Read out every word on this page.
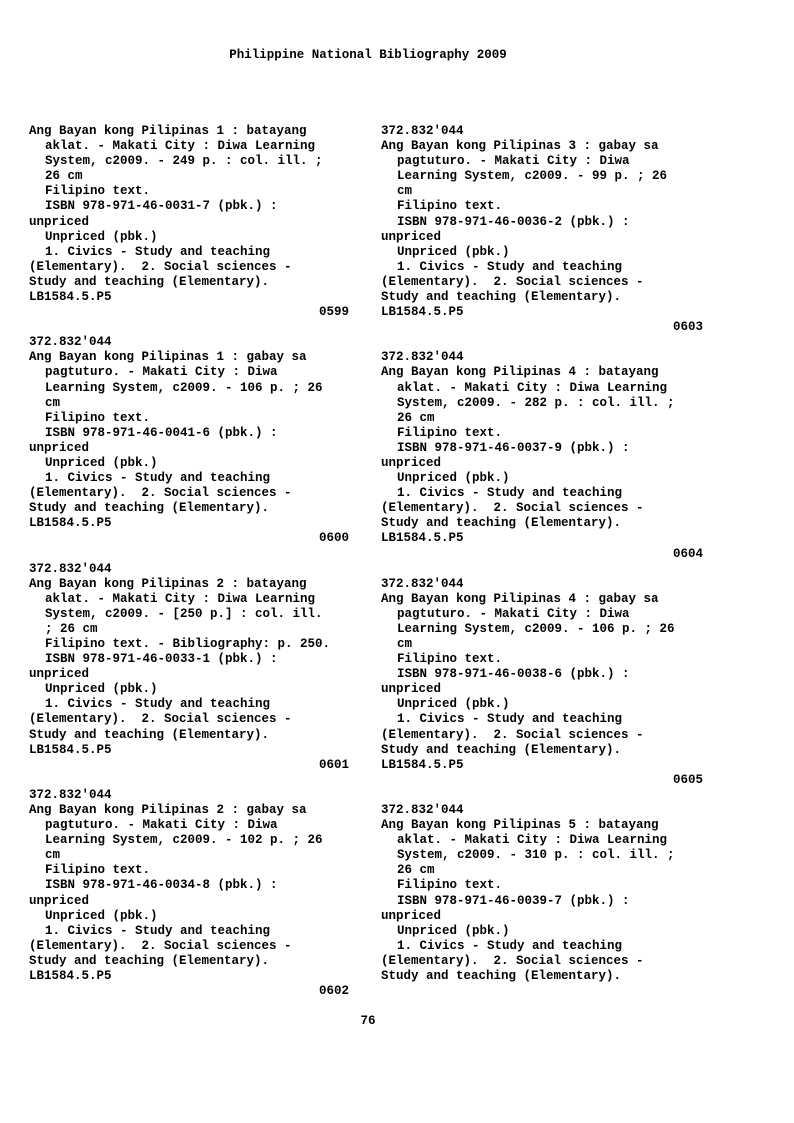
Philippine National Bibliography 2009
Ang Bayan kong Pilipinas 1 : batayang
aklat. - Makati City : Diwa Learning
System, c2009. - 249 p. : col. ill. ;
26 cm
Filipino text.
ISBN 978-971-46-0031-7 (pbk.) :
unpriced
Unpriced (pbk.)
1. Civics - Study and teaching
(Elementary).  2. Social sciences -
Study and teaching (Elementary).
LB1584.5.P5
0599
372.832'044
Ang Bayan kong Pilipinas 1 : gabay sa
pagtuturo. - Makati City : Diwa
Learning System, c2009. - 106 p. ; 26
cm
Filipino text.
ISBN 978-971-46-0041-6 (pbk.) :
unpriced
Unpriced (pbk.)
1. Civics - Study and teaching
(Elementary).  2. Social sciences -
Study and teaching (Elementary).
LB1584.5.P5
0600
372.832'044
Ang Bayan kong Pilipinas 2 : batayang
aklat. - Makati City : Diwa Learning
System, c2009. - [250 p.] : col. ill.
; 26 cm
Filipino text. - Bibliography: p. 250.
ISBN 978-971-46-0033-1 (pbk.) :
unpriced
Unpriced (pbk.)
1. Civics - Study and teaching
(Elementary).  2. Social sciences -
Study and teaching (Elementary).
LB1584.5.P5
0601
372.832'044
Ang Bayan kong Pilipinas 2 : gabay sa
pagtuturo. - Makati City : Diwa
Learning System, c2009. - 102 p. ; 26
cm
Filipino text.
ISBN 978-971-46-0034-8 (pbk.) :
unpriced
Unpriced (pbk.)
1. Civics - Study and teaching
(Elementary).  2. Social sciences -
Study and teaching (Elementary).
LB1584.5.P5
0602
372.832'044
Ang Bayan kong Pilipinas 3 : gabay sa
pagtuturo. - Makati City : Diwa
Learning System, c2009. - 99 p. ; 26
cm
Filipino text.
ISBN 978-971-46-0036-2 (pbk.) :
unpriced
Unpriced (pbk.)
1. Civics - Study and teaching
(Elementary).  2. Social sciences -
Study and teaching (Elementary).
LB1584.5.P5
0603
372.832'044
Ang Bayan kong Pilipinas 4 : batayang
aklat. - Makati City : Diwa Learning
System, c2009. - 282 p. : col. ill. ;
26 cm
Filipino text.
ISBN 978-971-46-0037-9 (pbk.) :
unpriced
Unpriced (pbk.)
1. Civics - Study and teaching
(Elementary).  2. Social sciences -
Study and teaching (Elementary).
LB1584.5.P5
0604
372.832'044
Ang Bayan kong Pilipinas 4 : gabay sa
pagtuturo. - Makati City : Diwa
Learning System, c2009. - 106 p. ; 26
cm
Filipino text.
ISBN 978-971-46-0038-6 (pbk.) :
unpriced
Unpriced (pbk.)
1. Civics - Study and teaching
(Elementary).  2. Social sciences -
Study and teaching (Elementary).
LB1584.5.P5
0605
372.832'044
Ang Bayan kong Pilipinas 5 : batayang
aklat. - Makati City : Diwa Learning
System, c2009. - 310 p. : col. ill. ;
26 cm
Filipino text.
ISBN 978-971-46-0039-7 (pbk.) :
unpriced
Unpriced (pbk.)
1. Civics - Study and teaching
(Elementary).  2. Social sciences -
Study and teaching (Elementary).
76
